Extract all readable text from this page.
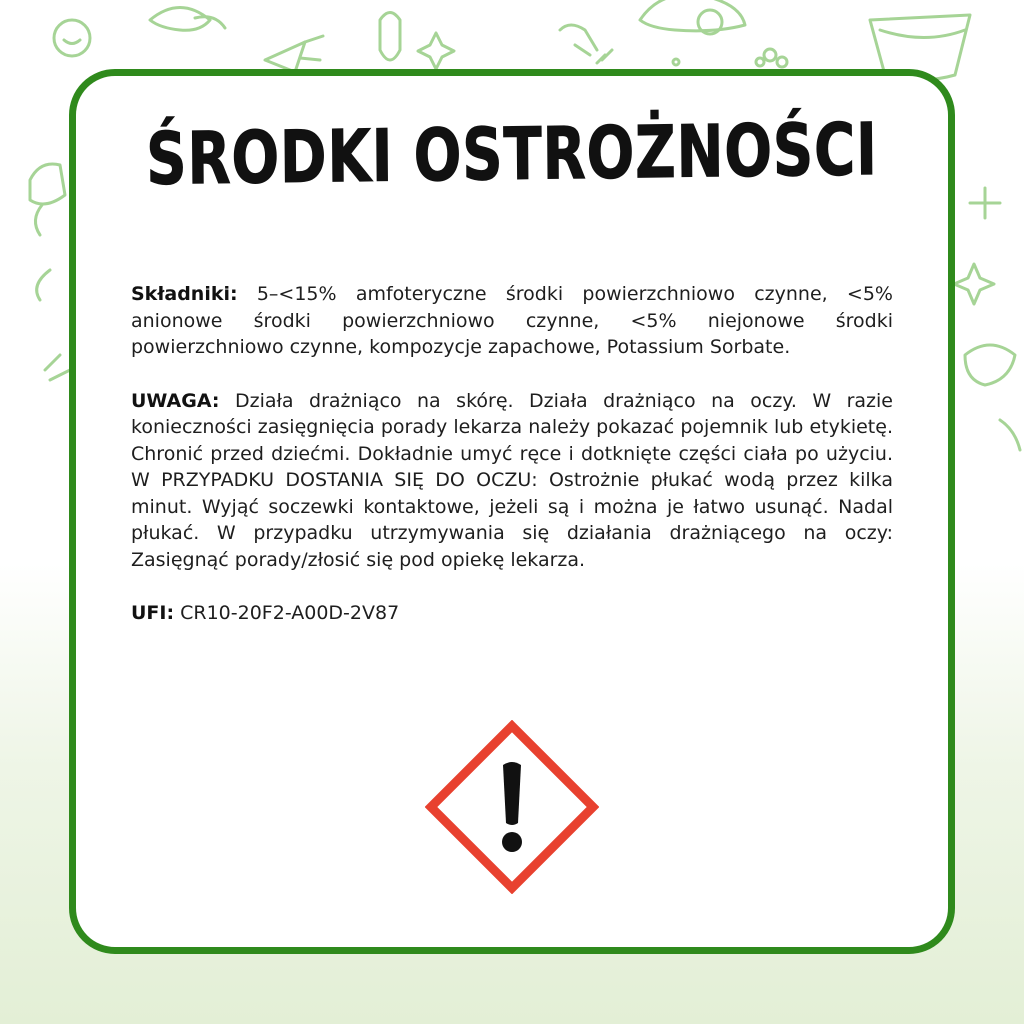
ŚRODKI OSTROŻNOŚCI

Składniki: 5–<15% amfoteryczne środki powierzchniowo czynne, <5% anionowe środki powierzchniowo czynne, <5% niejonowe środki powierzchniowo czynne, kompozycje zapachowe, Potassium Sorbate.

UWAGA: Działa drażniąco na skórę. Działa drażniąco na oczy. W razie konieczności zasięgnięcia porady lekarza należy pokazać pojemnik lub etykietę. Chronić przed dziećmi. Dokładnie umyć ręce i dotknięte części ciała po użyciu. W PRZYPADKU DOSTANIA SIĘ DO OCZU: Ostrożnie płukać wodą przez kilka minut. Wyjąć soczewki kontaktowe, jeżeli są i można je łatwo usunąć. Nadal płukać. W przypadku utrzymywania się działania drażniącego na oczy: Zasięgnąć porady/złosić się pod opiekę lekarza.

UFI: CR10-20F2-A00D-2V87
